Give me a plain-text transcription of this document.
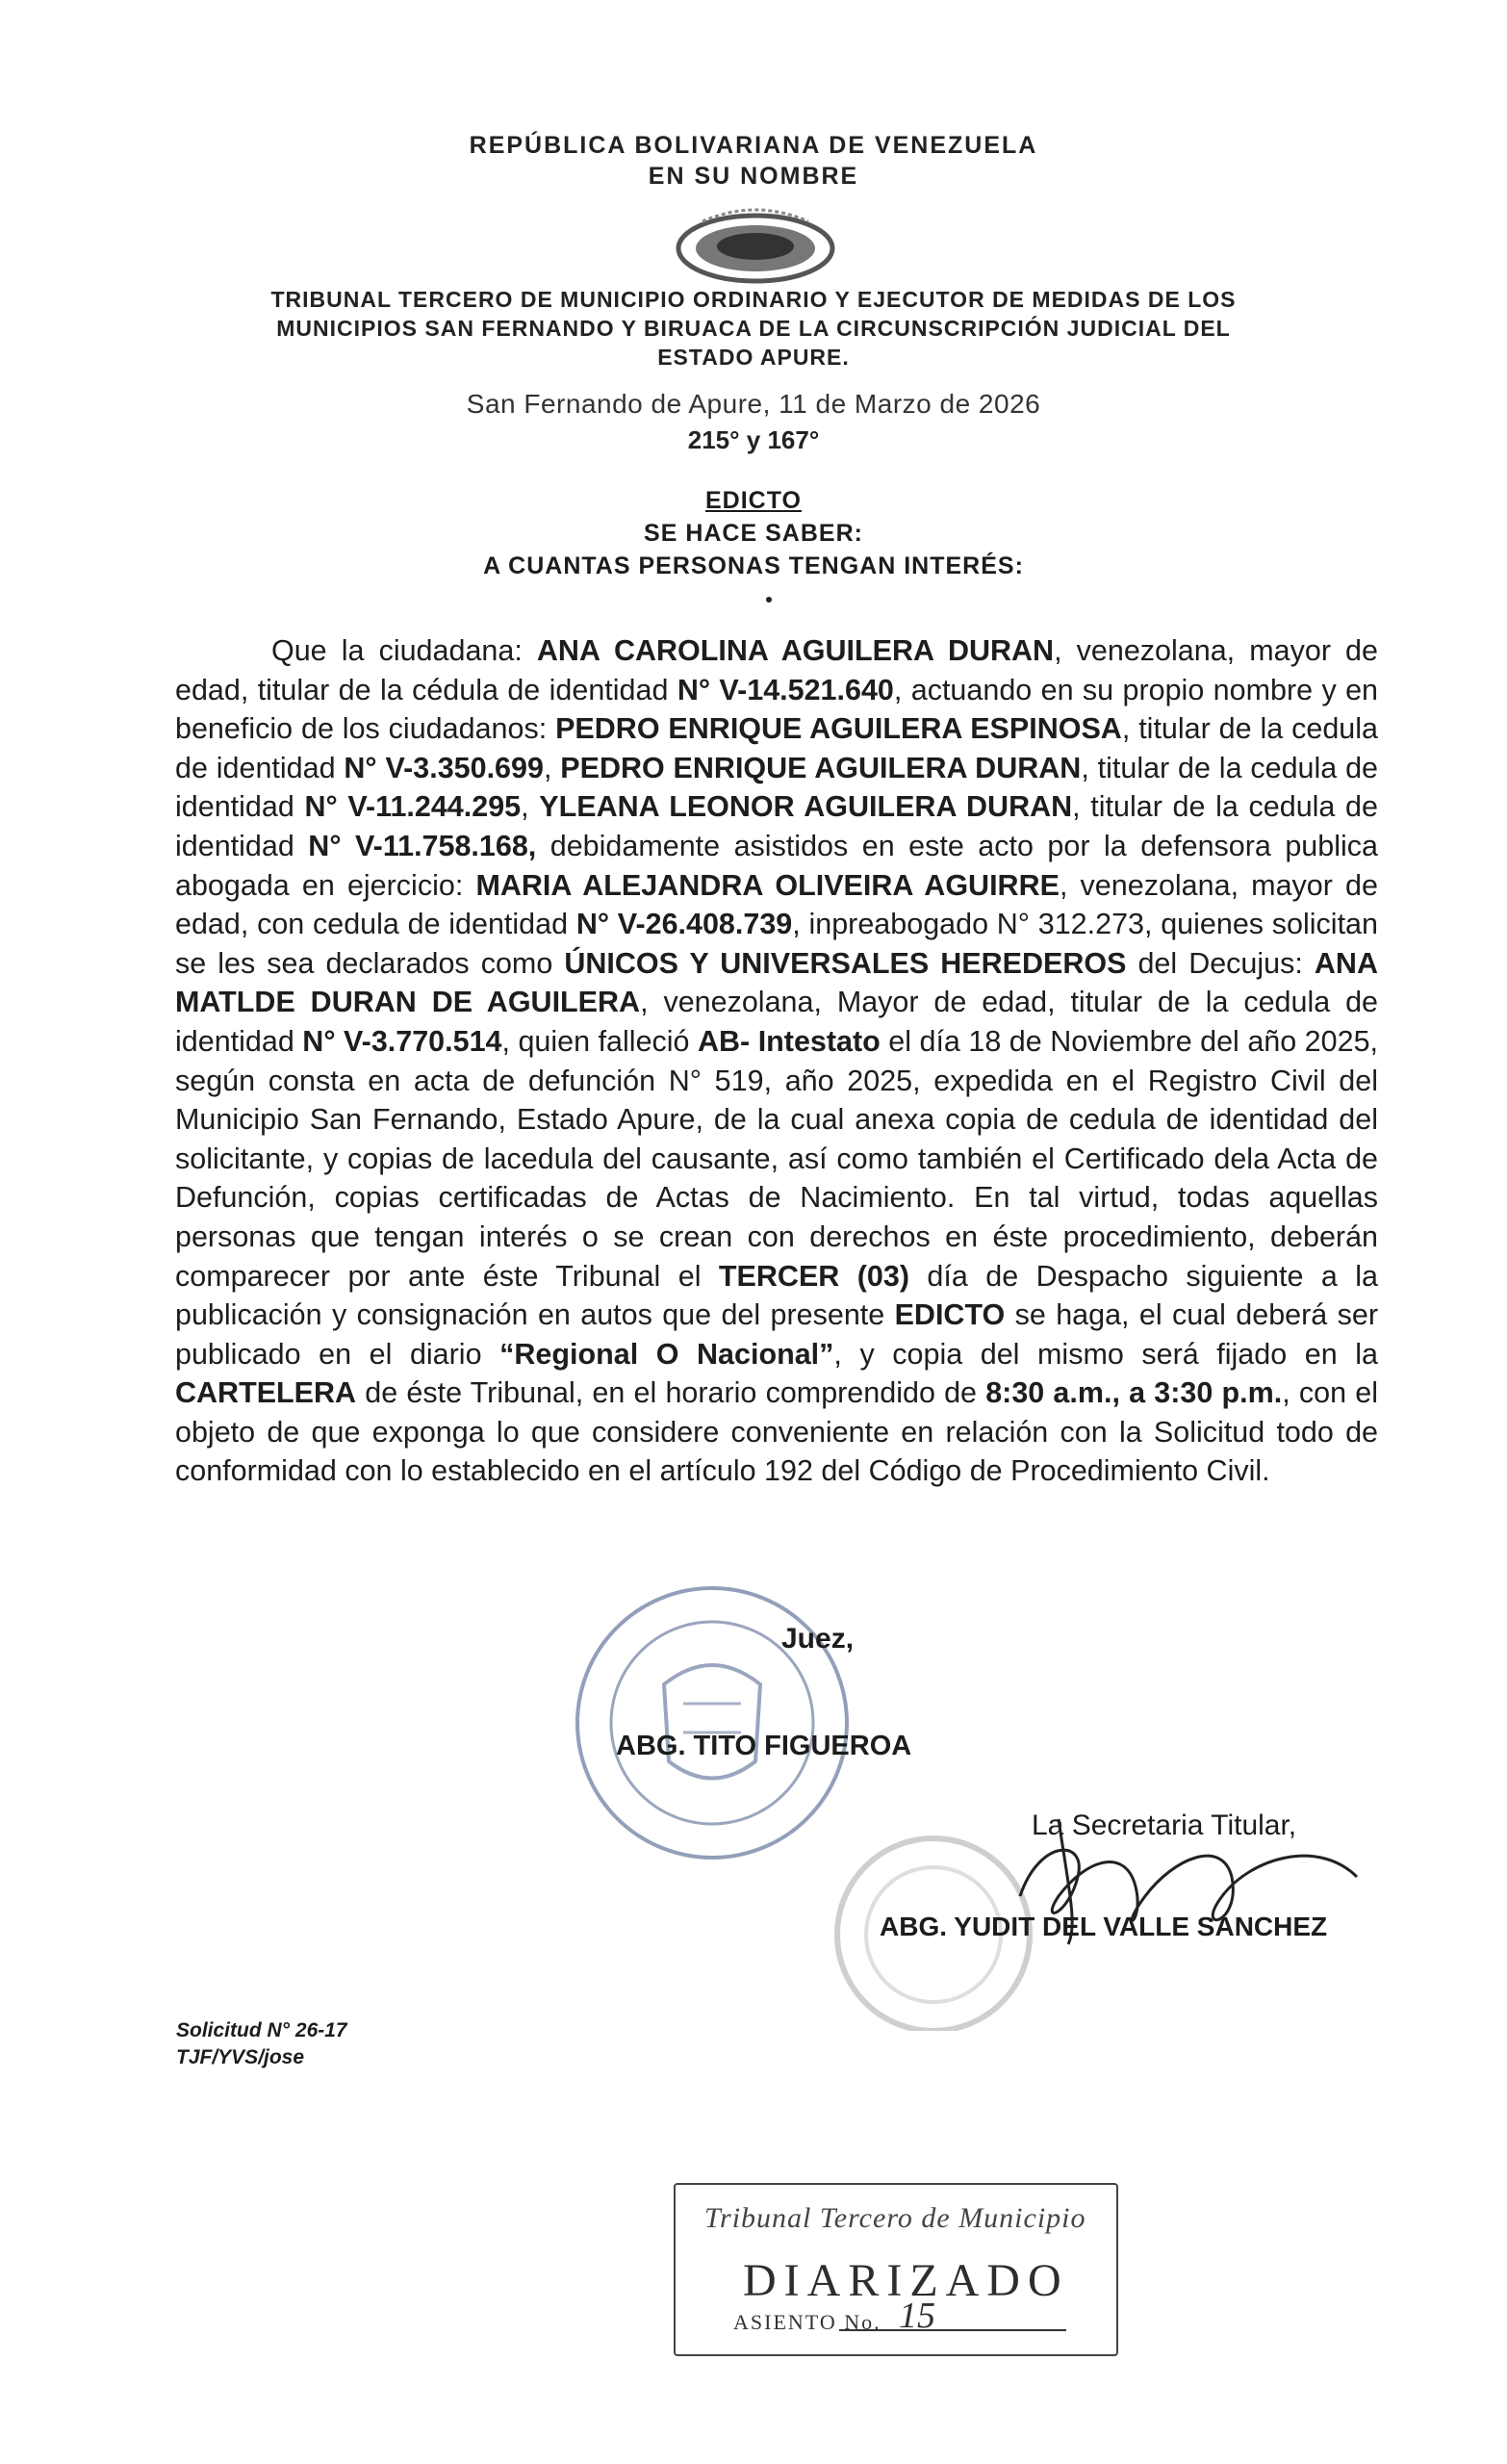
REPÚBLICA BOLIVARIANA DE VENEZUELA
EN SU NOMBRE
TRIBUNAL TERCERO DE MUNICIPIO ORDINARIO Y EJECUTOR DE MEDIDAS DE LOS
MUNICIPIOS SAN FERNANDO Y BIRUACA DE LA CIRCUNSCRIPCIÓN JUDICIAL DEL
ESTADO APURE.
San Fernando de Apure, 11 de Marzo de 2026
215° y 167°
EDICTO
SE HACE SABER:
A CUANTAS PERSONAS TENGAN INTERÉS:
Que la ciudadana: ANA CAROLINA AGUILERA DURAN, venezolana, mayor de edad, titular de la cédula de identidad N° V-14.521.640, actuando en su propio nombre y en beneficio de los ciudadanos: PEDRO ENRIQUE AGUILERA ESPINOSA, titular de la cedula de identidad N° V-3.350.699, PEDRO ENRIQUE AGUILERA DURAN, titular de la cedula de identidad N° V-11.244.295, YLEANA LEONOR AGUILERA DURAN, titular de la cedula de identidad N° V-11.758.168, debidamente asistidos en este acto por la defensora publica abogada en ejercicio: MARIA ALEJANDRA OLIVEIRA AGUIRRE, venezolana, mayor de edad, con cedula de identidad N° V-26.408.739, inpreabogado N° 312.273, quienes solicitan se les sea declarados como ÚNICOS Y UNIVERSALES HEREDEROS del Decujus: ANA MATLDE DURAN DE AGUILERA, venezolana, Mayor de edad, titular de la cedula de identidad N° V-3.770.514, quien falleció AB- Intestato el día 18 de Noviembre del año 2025, según consta en acta de defunción N° 519, año 2025, expedida en el Registro Civil del Municipio San Fernando, Estado Apure, de la cual anexa copia de cedula de identidad del solicitante, y copias de lacedula del causante, así como también el Certificado dela Acta de Defunción, copias certificadas de Actas de Nacimiento. En tal virtud, todas aquellas personas que tengan interés o se crean con derechos en éste procedimiento, deberán comparecer por ante éste Tribunal el TERCER (03) día de Despacho siguiente a la publicación y consignación en autos que del presente EDICTO se haga, el cual deberá ser publicado en el diario “Regional O Nacional”, y copia del mismo será fijado en la CARTELERA de éste Tribunal, en el horario comprendido de 8:30 a.m., a 3:30 p.m., con el objeto de que exponga lo que considere conveniente en relación con la Solicitud todo de conformidad con lo establecido en el artículo 192 del Código de Procedimiento Civil.
Juez,
ABG. TITO FIGUEROA
La Secretaria Titular,
ABG. YUDIT DEL VALLE SANCHEZ
Solicitud N° 26-17
TJF/YVS/jose
Tribunal Tercero de Municipio
DIARIZADO
ASIENTO No. 15
